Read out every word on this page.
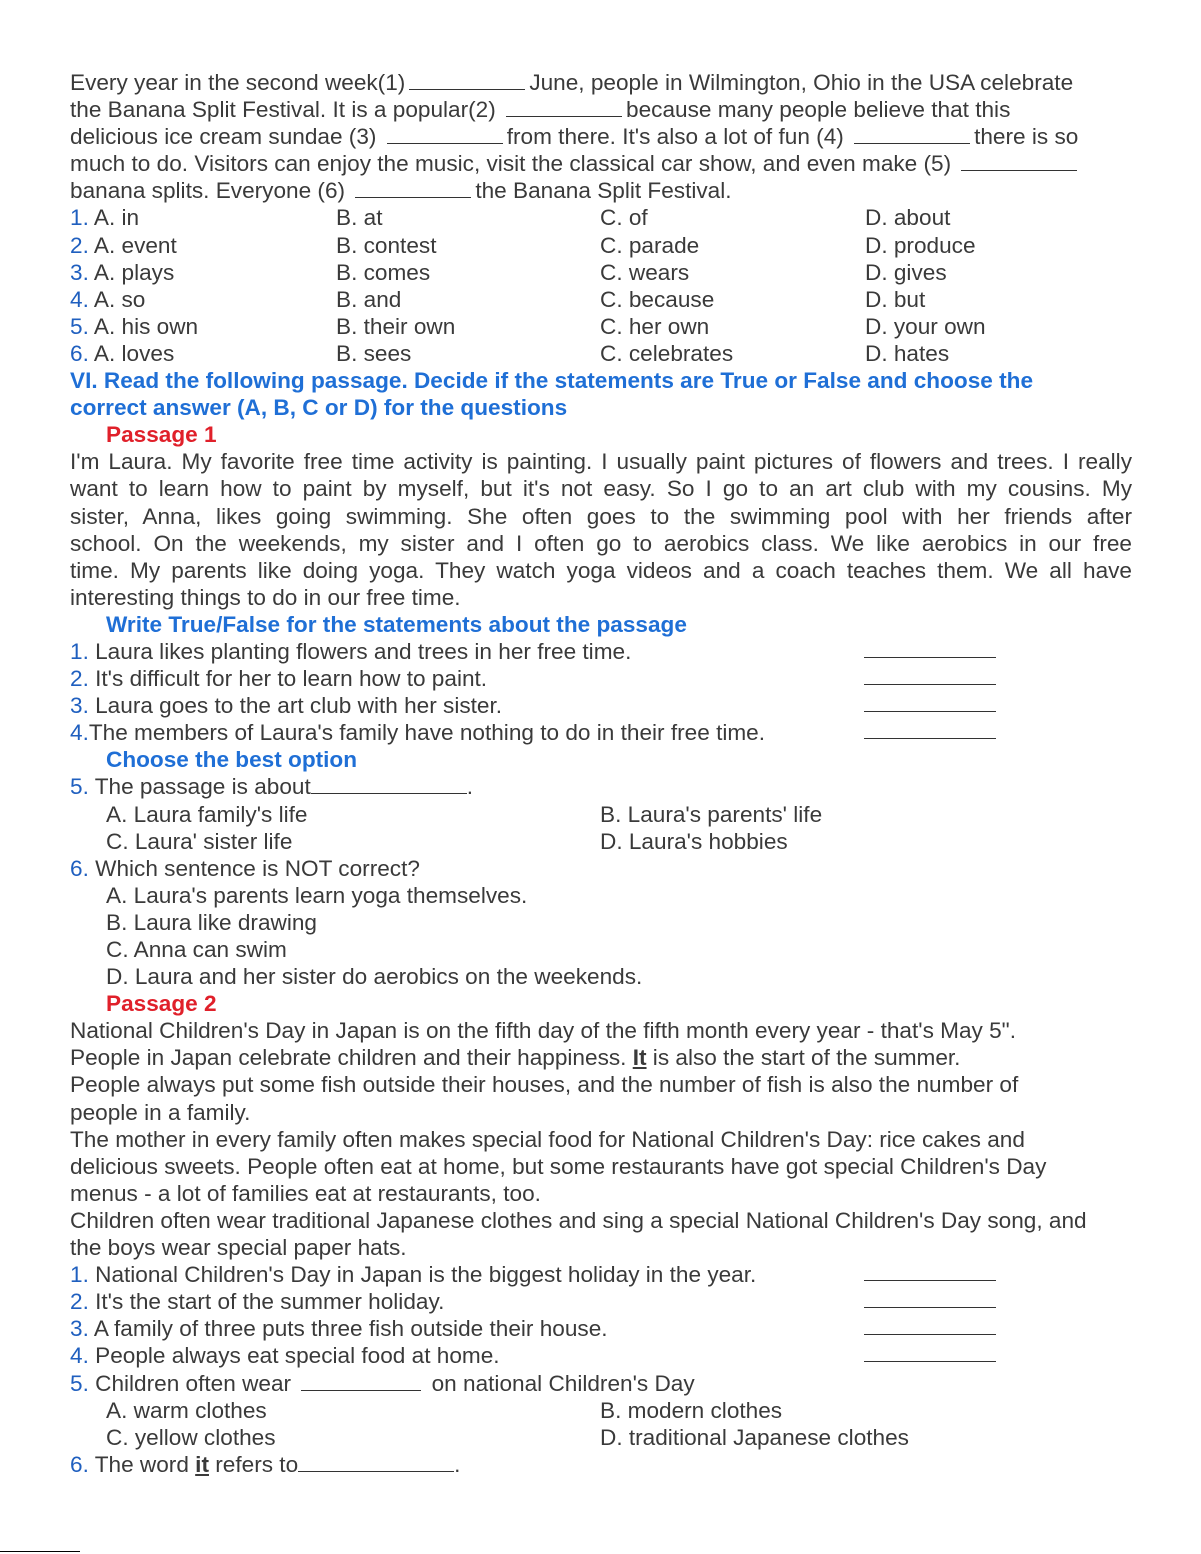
Every year in the second week(1)	June, people in Wilmington, Ohio in the USA celebrate
the Banana Split Festival. It is a popular(2)	because many people believe that this
delicious ice cream sundae (3)	from there. It's also a lot of fun (4)	there is so
much to do. Visitors can enjoy the music, visit the classical car show, and even make (5)
banana splits. Everyone (6)	the Banana Split Festival.
1. A. in	B. at	C. of	D. about
2. A. event	B. contest	C. parade	D. produce
3. A. plays	B. comes	C. wears	D. gives
4. A. so	B. and	C. because	D. but
5. A. his own	B. their own	C. her own	D. your own
6. A. loves	B. sees	C. celebrates	D. hates
VI. Read the following passage. Decide if the statements are True or False and choose the
correct answer (A, B, C or D) for the questions
Passage 1
I'm Laura. My favorite free time activity is painting. I usually paint pictures of flowers and trees. I really
want to learn how to paint by myself, but it's not easy. So I go to an art club with my cousins. My
sister, Anna, likes going swimming. She often goes to the swimming pool with her friends after
school. On the weekends, my sister and I often go to aerobics class. We like aerobics in our free
time. My parents like doing yoga. They watch yoga videos and a coach teaches them. We all have
interesting things to do in our free time.
Write True/False for the statements about the passage
1. Laura likes planting flowers and trees in her free time.
2. It's difficult for her to learn how to paint.
3. Laura goes to the art club with her sister.
4.The members of Laura's family have nothing to do in their free time.
Choose the best option
5. The passage is about	.
A. Laura family's life	B. Laura's parents' life
C. Laura' sister life	D. Laura's hobbies
6. Which sentence is NOT correct?
A. Laura's parents learn yoga themselves.
B. Laura like drawing
C. Anna can swim
D. Laura and her sister do aerobics on the weekends.
Passage 2
National Children's Day in Japan is on the fifth day of the fifth month every year - that's May 5".
People in Japan celebrate children and their happiness. It is also the start of the summer.
People always put some fish outside their houses, and the number of fish is also the number of
people in a family.
The mother in every family often makes special food for National Children's Day: rice cakes and
delicious sweets. People often eat at home, but some restaurants have got special Children's Day
menus - a lot of families eat at restaurants, too.
Children often wear traditional Japanese clothes and sing a special National Children's Day song, and
the boys wear special paper hats.
1. National Children's Day in Japan is the biggest holiday in the year.
2. It's the start of the summer holiday.
3. A family of three puts three fish outside their house.
4. People always eat special food at home.
5. Children often wear	on national Children's Day
A. warm clothes	B. modern clothes
C. yellow clothes	D. traditional Japanese clothes
6. The word it refers to	.
